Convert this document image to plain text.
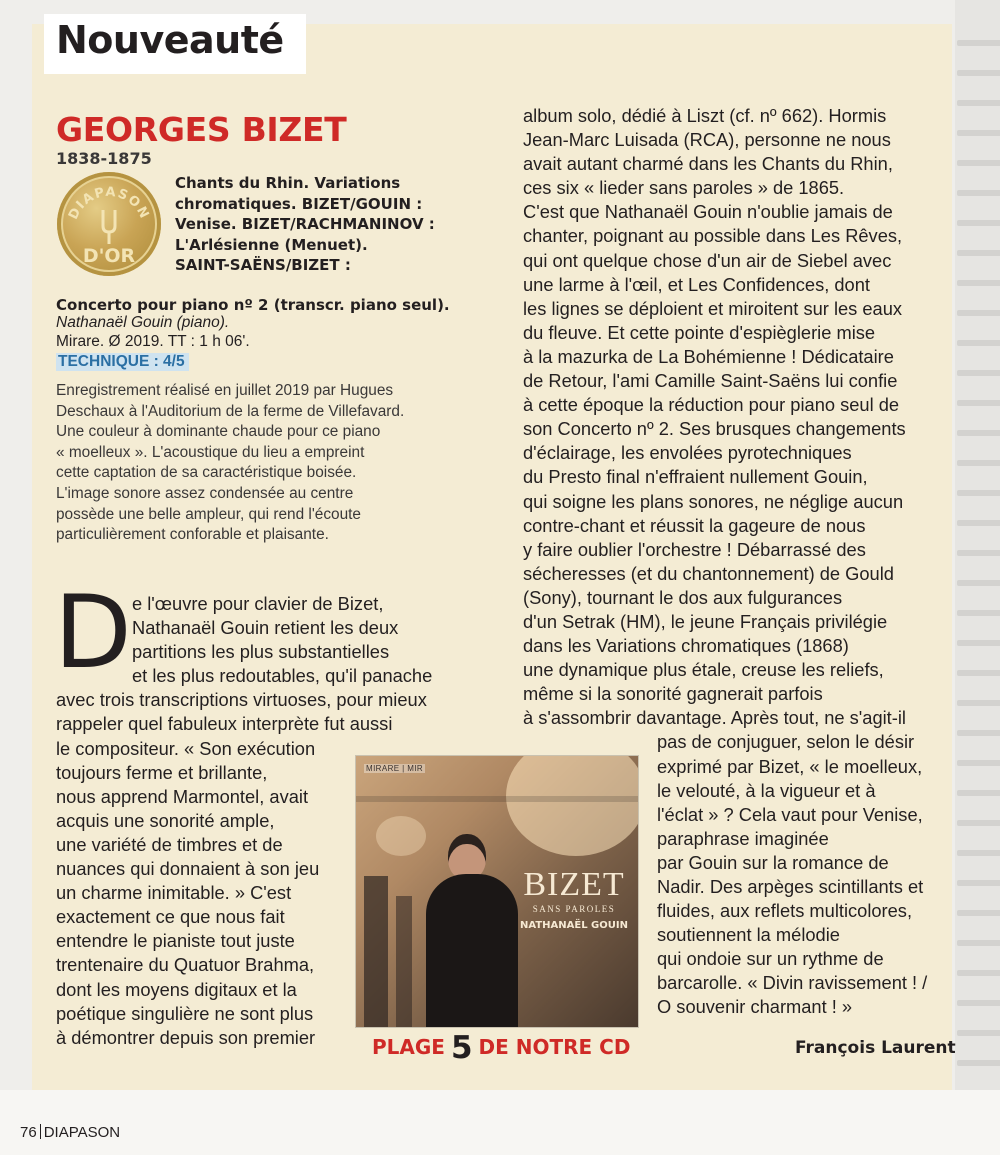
Nouveauté
GEORGES BIZET
1838-1875
DIAPASON
D'OR
Chants du Rhin. Variations
chromatiques. BIZET/GOUIN :
Venise. BIZET/RACHMANINOV :
L'Arlésienne (Menuet).
SAINT-SAËNS/BIZET :
Concerto pour piano nº 2 (transcr. piano seul).
Nathanaël Gouin (piano).
Mirare. Ø 2019. TT : 1 h 06'.
TECHNIQUE : 4/5
Enregistrement réalisé en juillet 2019 par Hugues
Deschaux à l'Auditorium de la ferme de Villefavard.
Une couleur à dominante chaude pour ce piano
« moelleux ». L'acoustique du lieu a empreint
cette captation de sa caractéristique boisée.
L'image sonore assez condensée au centre
possède une belle ampleur, qui rend l'écoute
particulièrement conforable et plaisante.
D e l'œuvre pour clavier de Bizet,
Nathanaël Gouin retient les deux
partitions les plus substantielles
et les plus redoutables, qu'il panache
avec trois transcriptions virtuoses, pour mieux
rappeler quel fabuleux interprète fut aussi
le compositeur. « Son exécution
toujours ferme et brillante,
nous apprend Marmontel, avait
acquis une sonorité ample,
une variété de timbres et de
nuances qui donnaient à son jeu
un charme inimitable. » C'est
exactement ce que nous fait
entendre le pianiste tout juste
trentenaire du Quatuor Brahma,
dont les moyens digitaux et la
poétique singulière ne sont plus
à démontrer depuis son premier
album solo, dédié à Liszt (cf. nº 662). Hormis
Jean-Marc Luisada (RCA), personne ne nous
avait autant charmé dans les Chants du Rhin,
ces six « lieder sans paroles » de 1865.
C'est que Nathanaël Gouin n'oublie jamais de
chanter, poignant au possible dans Les Rêves,
qui ont quelque chose d'un air de Siebel avec
une larme à l'œil, et Les Confidences, dont
les lignes se déploient et miroitent sur les eaux
du fleuve. Et cette pointe d'espièglerie mise
à la mazurka de La Bohémienne ! Dédicataire
de Retour, l'ami Camille Saint-Saëns lui confie
à cette époque la réduction pour piano seul de
son Concerto nº 2. Ses brusques changements
d'éclairage, les envolées pyrotechniques
du Presto final n'effraient nullement Gouin,
qui soigne les plans sonores, ne néglige aucun
contre-chant et réussit la gageure de nous
y faire oublier l'orchestre ! Débarrassé des
sécheresses (et du chantonnement) de Gould
(Sony), tournant le dos aux fulgurances
d'un Setrak (HM), le jeune Français privilégie
dans les Variations chromatiques (1868)
une dynamique plus étale, creuse les reliefs,
même si la sonorité gagnerait parfois
à s'assombrir davantage. Après tout, ne s'agit-il
pas de conjuguer, selon le désir
exprimé par Bizet, « le moelleux,
le velouté, à la vigueur et à
l'éclat » ? Cela vaut pour Venise,
paraphrase imaginée
par Gouin sur la romance de
Nadir. Des arpèges scintillants et
fluides, aux reflets multicolores,
soutiennent la mélodie
qui ondoie sur un rythme de
barcarolle. « Divin ravissement ! /
O souvenir charmant ! »
MIRARE | MIR
BIZET
SANS PAROLES
NATHANAËL GOUIN
PLAGE 5 DE NOTRE CD	François Laurent
76 DIAPASON
